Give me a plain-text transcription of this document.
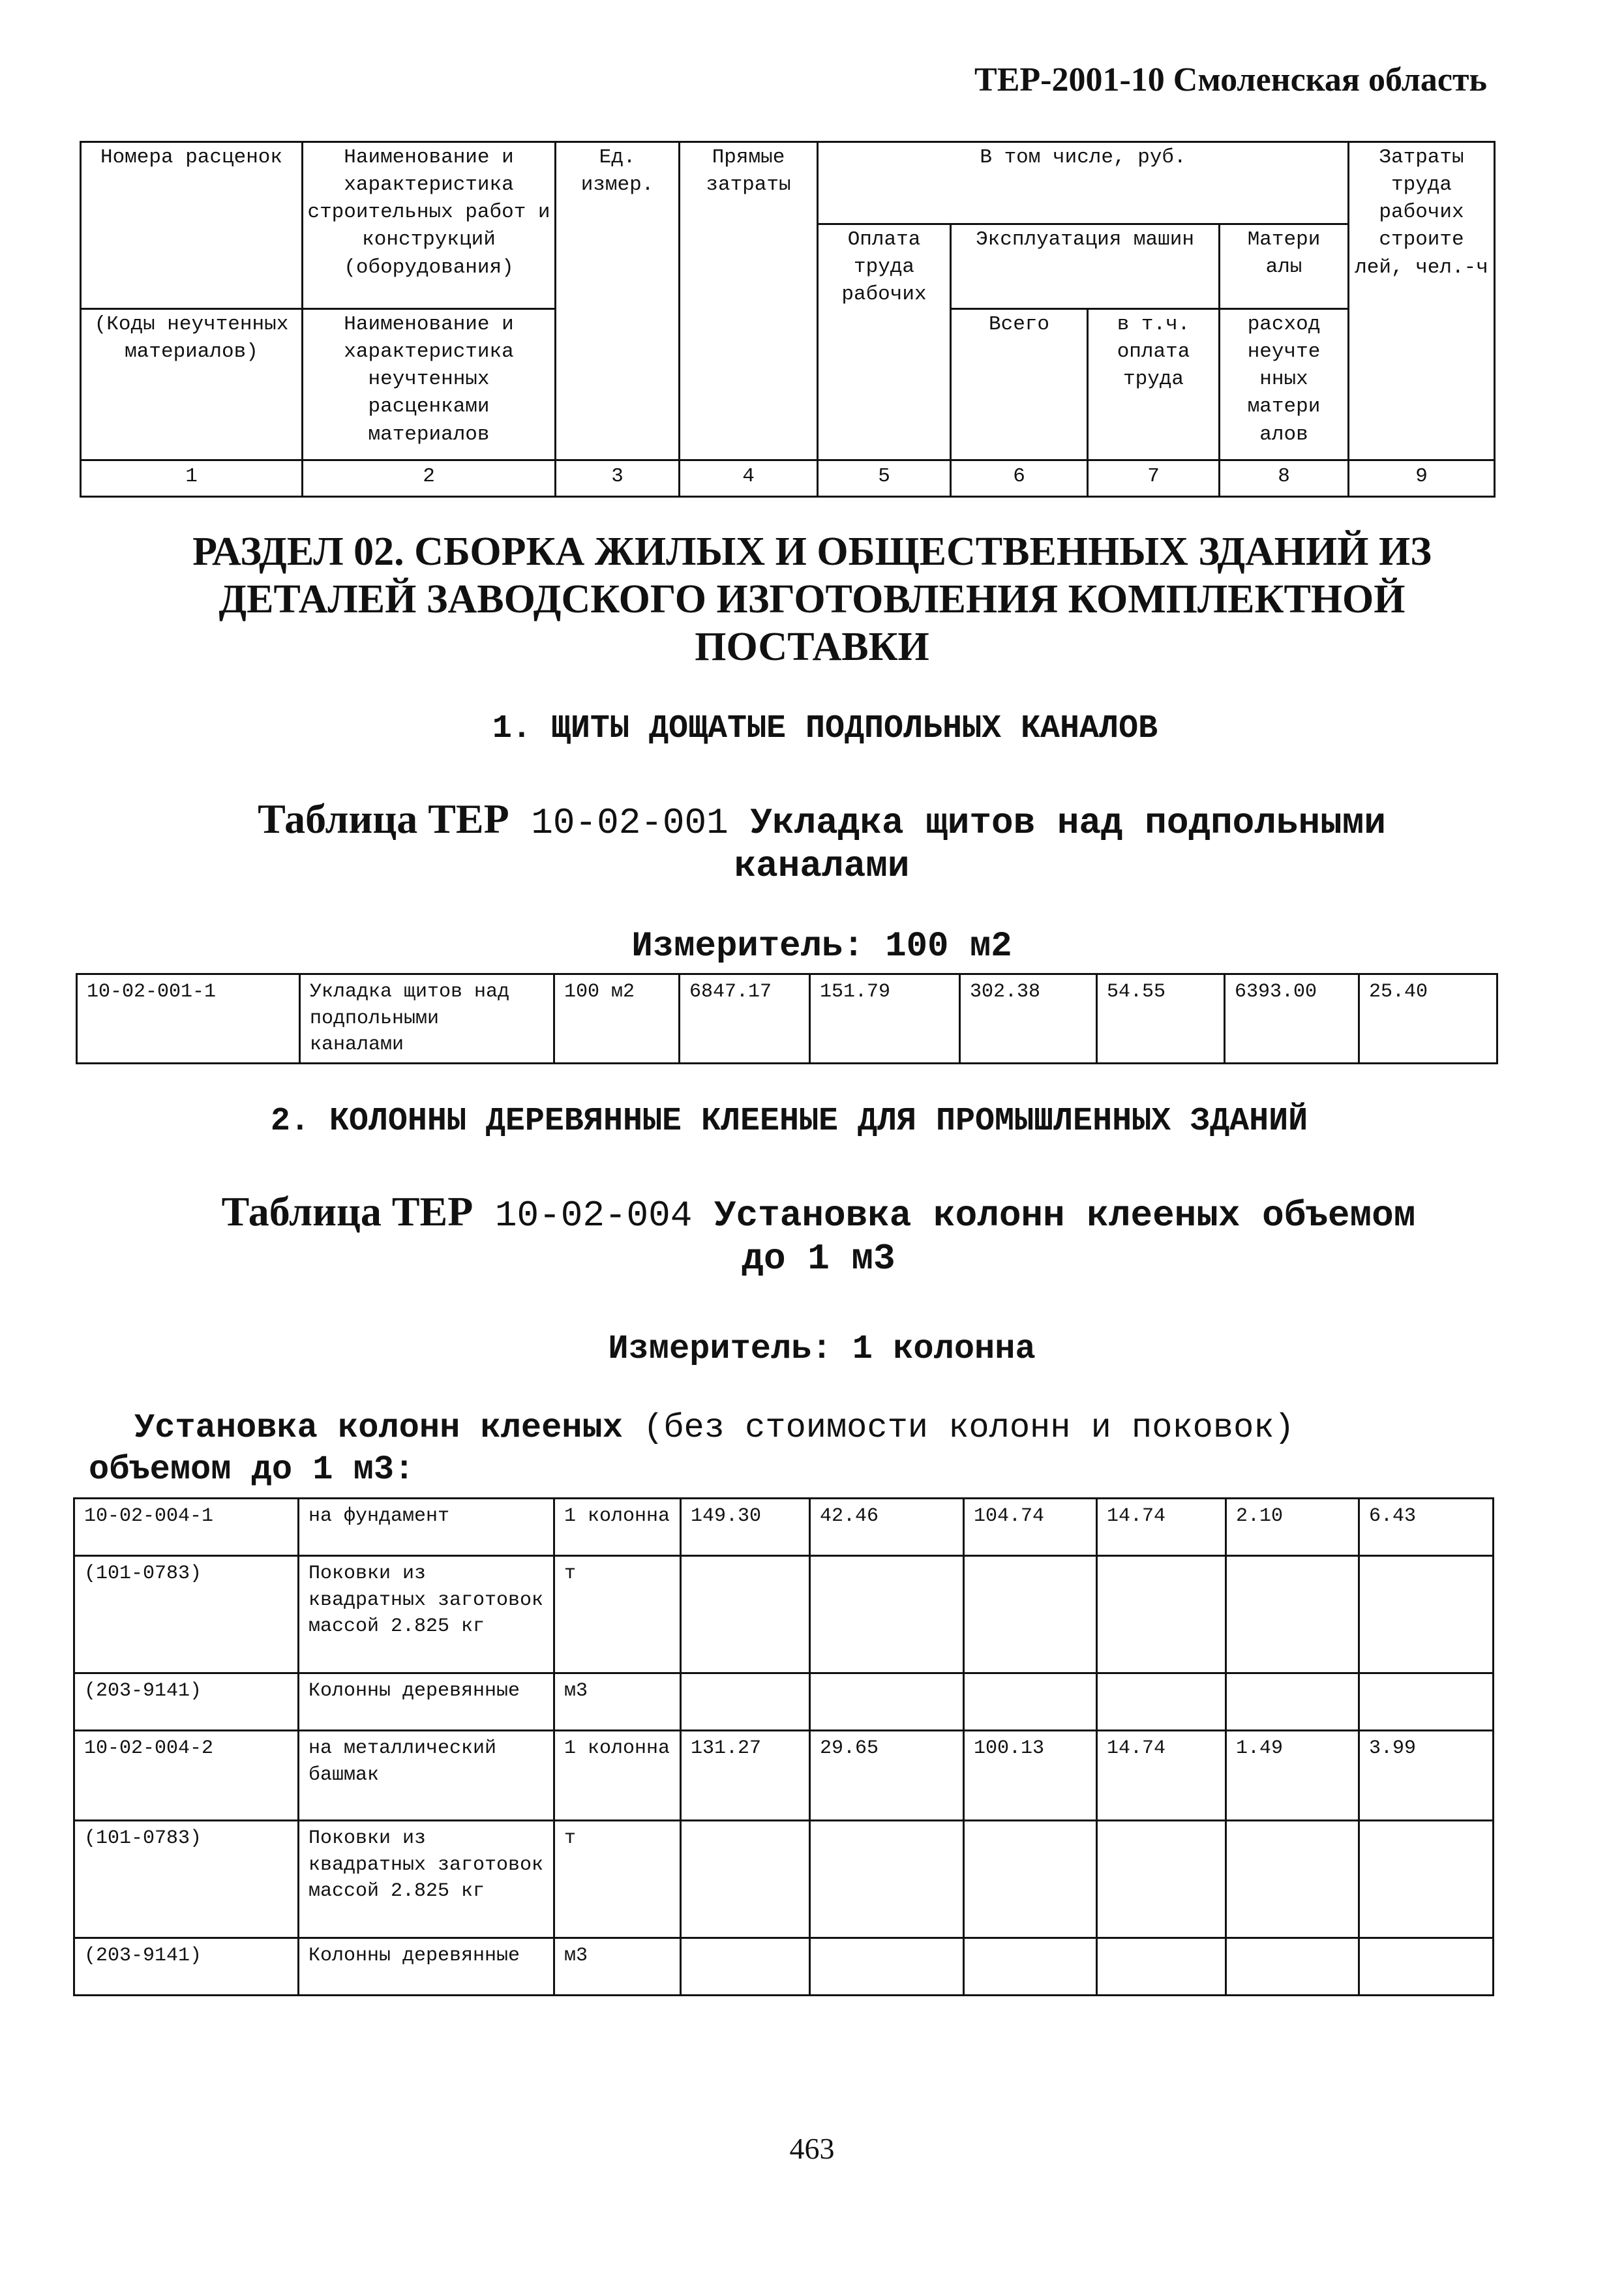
ТЕР-2001-10 Смоленская область
Номера расценок	Наименование и характеристика строительных работ и конструкций (оборудования)	Ед. измер.	Прямые затраты	В том числе, руб.				Затраты труда рабочих строите лей, чел.-ч
				Оплата труда рабочих	Эксплуатация машин		Матери алы	
(Коды неучтенных материалов)	Наименование и характеристика неучтенных расценками материалов				Всего	в т.ч. оплата труда	расход неучте нных матери алов	
1	2	3	4	5	6	7	8	9
РАЗДЕЛ 02. СБОРКА ЖИЛЫХ И ОБЩЕСТВЕННЫХ ЗДАНИЙ ИЗ ДЕТАЛЕЙ ЗАВОДСКОГО ИЗГОТОВЛЕНИЯ КОМПЛЕКТНОЙ ПОСТАВКИ
1. ЩИТЫ ДОЩАТЫЕ ПОДПОЛЬНЫХ КАНАЛОВ
Таблица ТЕР 10-02-001 Укладка щитов над подпольными
каналами
Измеритель: 100 м2
10-02-001-1	Укладка щитов над подпольными каналами	100 м2	6847.17	151.79	302.38	54.55	6393.00	25.40
2. КОЛОННЫ ДЕРЕВЯННЫЕ КЛЕЕНЫЕ ДЛЯ ПРОМЫШЛЕННЫХ ЗДАНИЙ
Таблица ТЕР 10-02-004 Установка колонн клееных объемом
до 1 м3
Измеритель: 1 колонна
Установка колонн клееных (без стоимости колонн и поковок)
объемом до 1 м3:
10-02-004-1	на фундамент	1 колонна	149.30	42.46	104.74	14.74	2.10	6.43
(101-0783)	Поковки из квадратных заготовок массой 2.825 кг	т						
(203-9141)	Колонны деревянные	м3						
10-02-004-2	на металлический башмак	1 колонна	131.27	29.65	100.13	14.74	1.49	3.99
(101-0783)	Поковки из квадратных заготовок массой 2.825 кг	т						
(203-9141)	Колонны деревянные	м3						
463
